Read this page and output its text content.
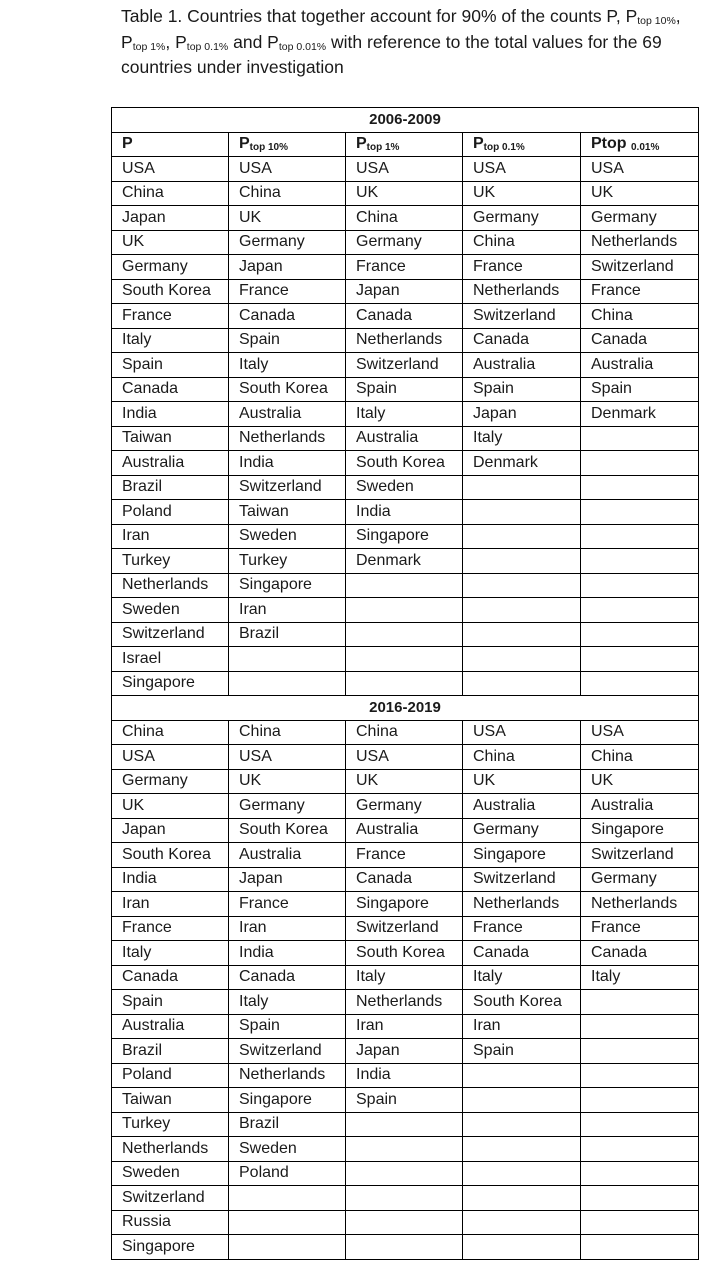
Table 1. Countries that together account for 90% of the counts P, $P_{top 10\%}$, $P_{top 1\%}$, $P_{top 0.1\%}$ and $P_{top 0.01\%}$ with reference to the total values for the 69 countries under investigation
2006-2009				
P	$P_{top 10\%}$	$P_{top 1\%}$	$P_{top 0.1\%}$	Ptop $_{0.01\%}$
USA	USA	USA	USA	USA
China	China	UK	UK	UK
Japan	UK	China	Germany	Germany
UK	Germany	Germany	China	Netherlands
Germany	Japan	France	France	Switzerland
South Korea	France	Japan	Netherlands	France
France	Canada	Canada	Switzerland	China
Italy	Spain	Netherlands	Canada	Canada
Spain	Italy	Switzerland	Australia	Australia
Canada	South Korea	Spain	Spain	Spain
India	Australia	Italy	Japan	Denmark
Taiwan	Netherlands	Australia	Italy	
Australia	India	South Korea	Denmark	
Brazil	Switzerland	Sweden		
Poland	Taiwan	India		
Iran	Sweden	Singapore		
Turkey	Turkey	Denmark		
Netherlands	Singapore			
Sweden	Iran			
Switzerland	Brazil			
Israel				
Singapore				
2016-2019				
China	China	China	USA	USA
USA	USA	USA	China	China
Germany	UK	UK	UK	UK
UK	Germany	Germany	Australia	Australia
Japan	South Korea	Australia	Germany	Singapore
South Korea	Australia	France	Singapore	Switzerland
India	Japan	Canada	Switzerland	Germany
Iran	France	Singapore	Netherlands	Netherlands
France	Iran	Switzerland	France	France
Italy	India	South Korea	Canada	Canada
Canada	Canada	Italy	Italy	Italy
Spain	Italy	Netherlands	South Korea	
Australia	Spain	Iran	Iran	
Brazil	Switzerland	Japan	Spain	
Poland	Netherlands	India		
Taiwan	Singapore	Spain		
Turkey	Brazil			
Netherlands	Sweden			
Sweden	Poland			
Switzerland				
Russia				
Singapore				
